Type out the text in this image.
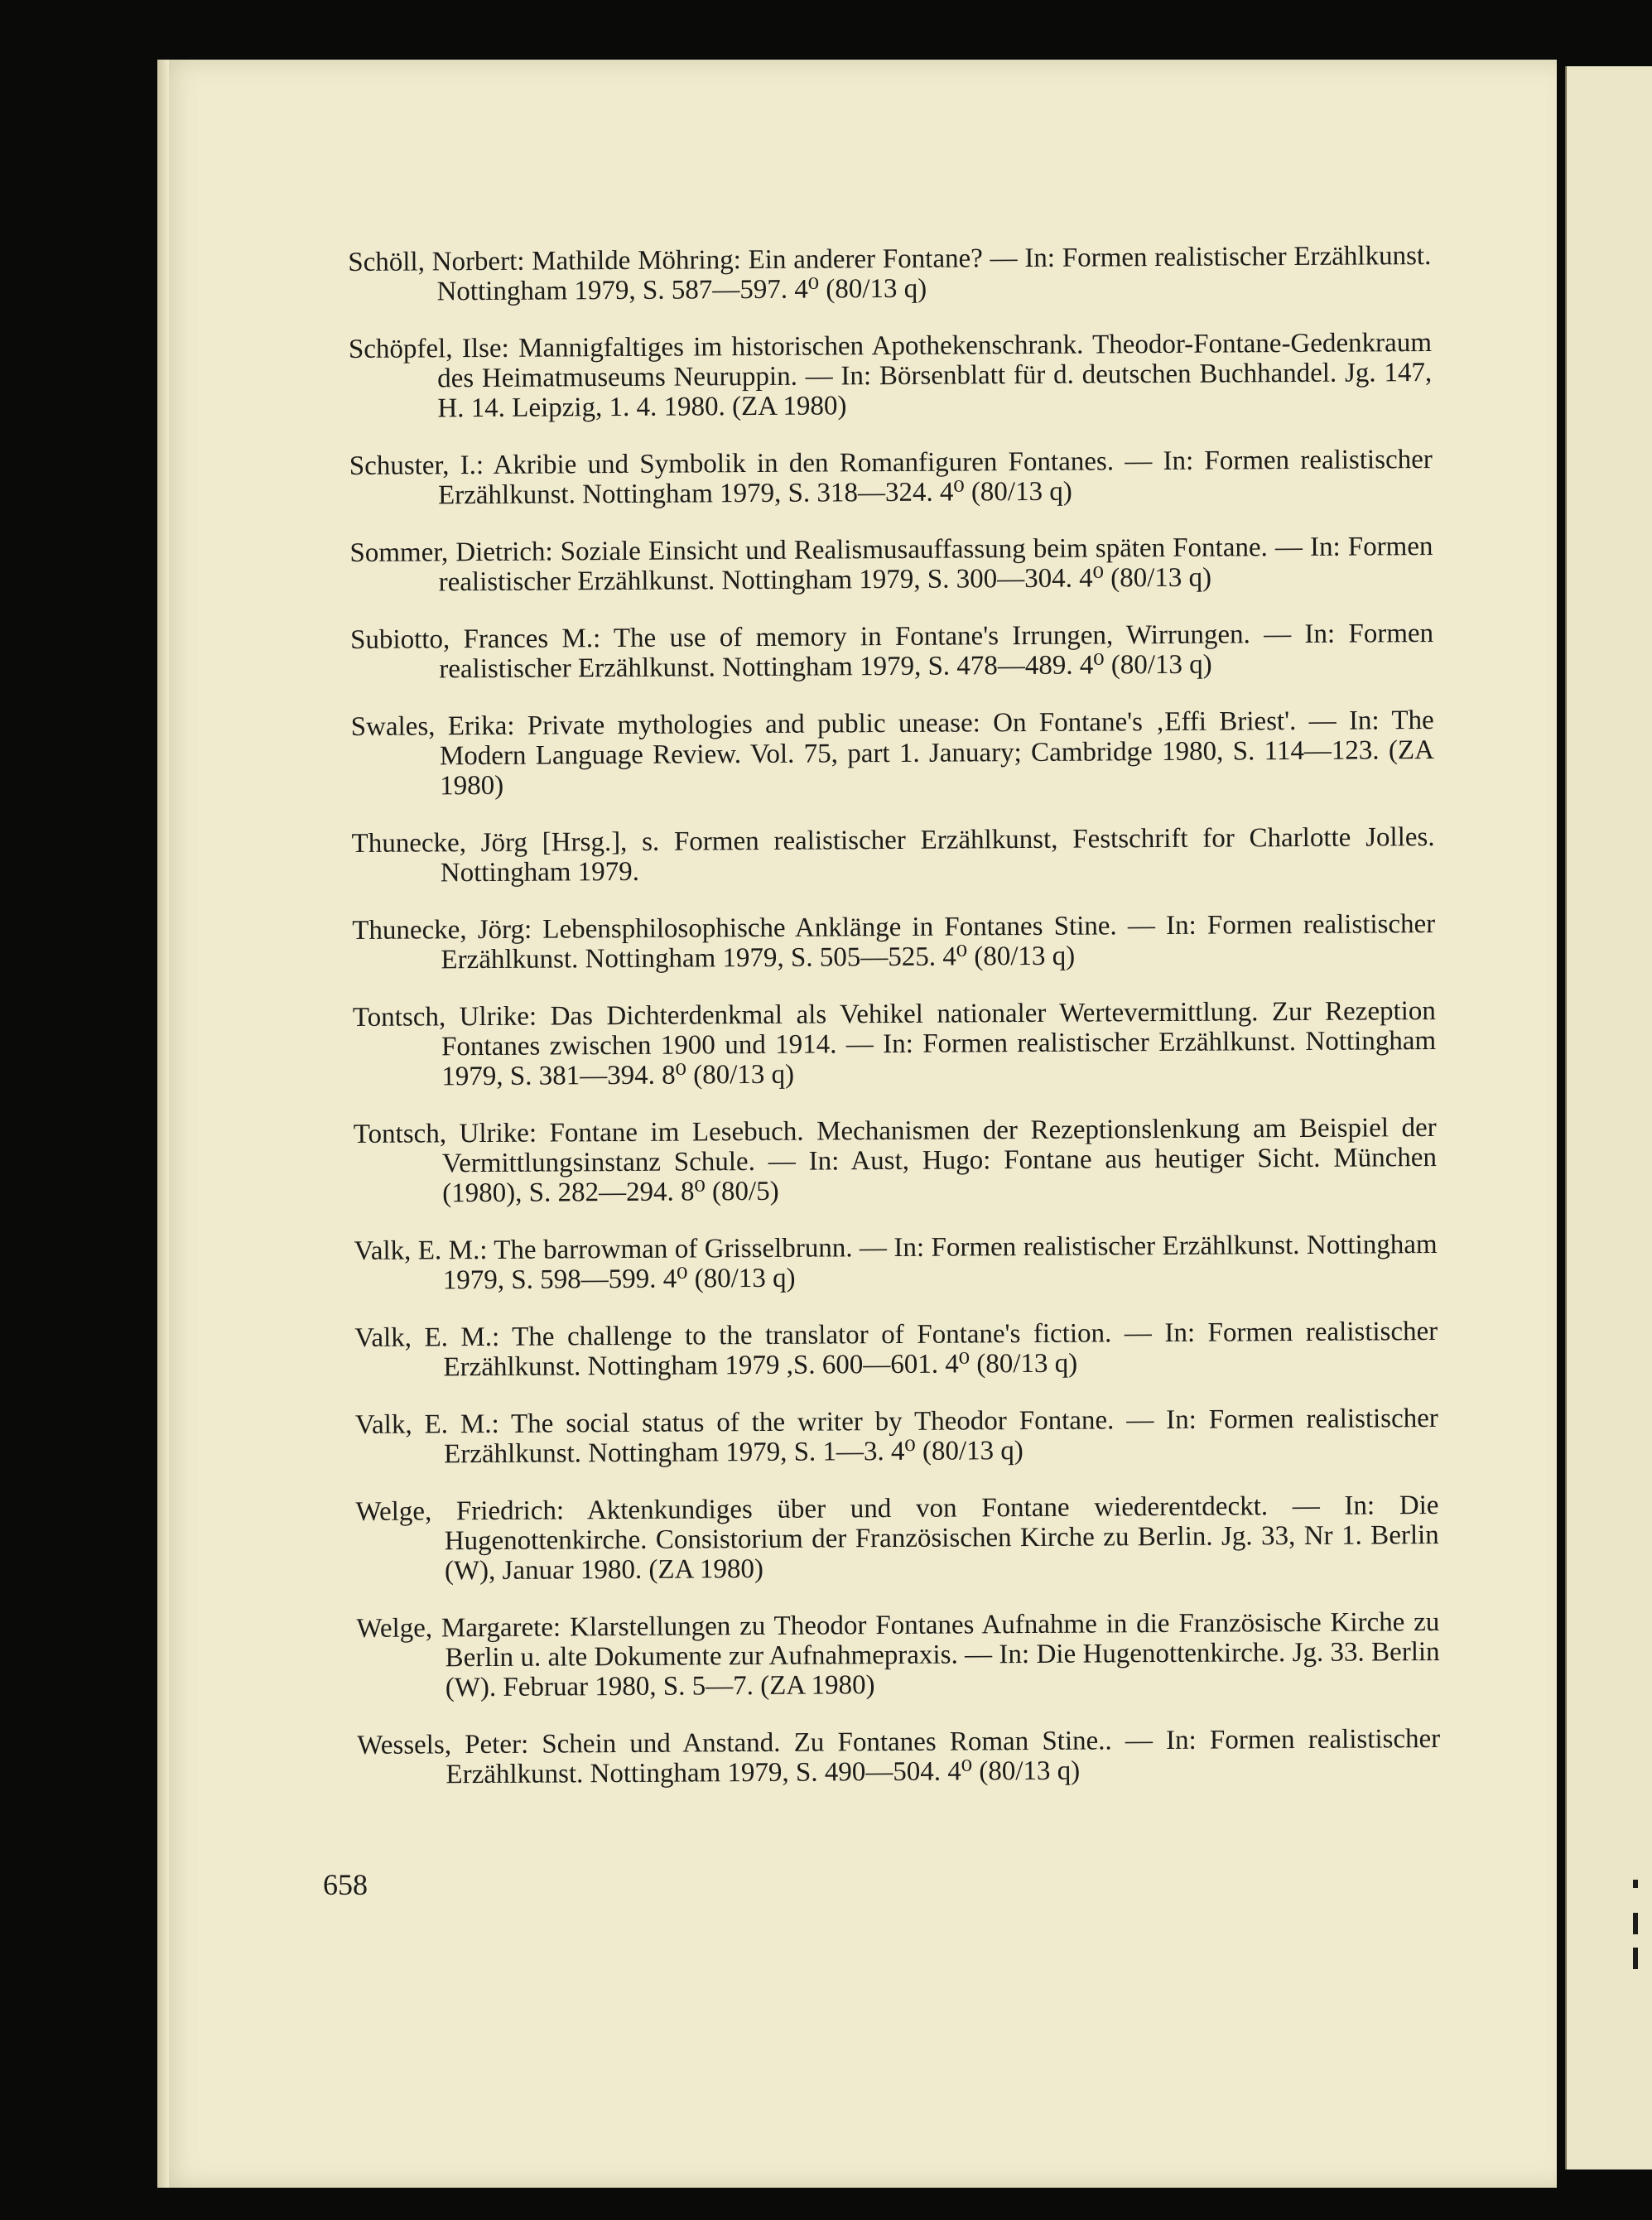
Schöll, Norbert: Mathilde Möhring: Ein anderer Fontane? — In: Formen realistischer Erzählkunst. Nottingham 1979, S. 587—597. 4⁰ (80/13 q)

Schöpfel, Ilse: Mannigfaltiges im historischen Apothekenschrank. Theodor-Fontane-Gedenkraum des Heimatmuseums Neuruppin. — In: Börsenblatt für d. deutschen Buchhandel. Jg. 147, H. 14. Leipzig, 1. 4. 1980. (ZA 1980)

Schuster, I.: Akribie und Symbolik in den Romanfiguren Fontanes. — In: Formen realistischer Erzählkunst. Nottingham 1979, S. 318—324. 4⁰ (80/13 q)

Sommer, Dietrich: Soziale Einsicht und Realismusauffassung beim späten Fontane. — In: Formen realistischer Erzählkunst. Nottingham 1979, S. 300—304. 4⁰ (80/13 q)

Subiotto, Frances M.: The use of memory in Fontane's Irrungen, Wirrungen. — In: Formen realistischer Erzählkunst. Nottingham 1979, S. 478—489. 4⁰ (80/13 q)

Swales, Erika: Private mythologies and public unease: On Fontane's ‚Effi Briest'. — In: The Modern Language Review. Vol. 75, part 1. January; Cambridge 1980, S. 114—123. (ZA 1980)

Thunecke, Jörg [Hrsg.], s. Formen realistischer Erzählkunst, Festschrift for Charlotte Jolles. Nottingham 1979.

Thunecke, Jörg: Lebensphilosophische Anklänge in Fontanes Stine. — In: Formen realistischer Erzählkunst. Nottingham 1979, S. 505—525. 4⁰ (80/13 q)

Tontsch, Ulrike: Das Dichterdenkmal als Vehikel nationaler Wertevermittlung. Zur Rezeption Fontanes zwischen 1900 und 1914. — In: Formen realistischer Erzählkunst. Nottingham 1979, S. 381—394. 8⁰ (80/13 q)

Tontsch, Ulrike: Fontane im Lesebuch. Mechanismen der Rezeptionslenkung am Beispiel der Vermittlungsinstanz Schule. — In: Aust, Hugo: Fontane aus heutiger Sicht. München (1980), S. 282—294. 8⁰ (80/5)

Valk, E. M.: The barrowman of Grisselbrunn. — In: Formen realistischer Erzählkunst. Nottingham 1979, S. 598—599. 4⁰ (80/13 q)

Valk, E. M.: The challenge to the translator of Fontane's fiction. — In: Formen realistischer Erzählkunst. Nottingham 1979 ,S. 600—601. 4⁰ (80/13 q)

Valk, E. M.: The social status of the writer by Theodor Fontane. — In: Formen realistischer Erzählkunst. Nottingham 1979, S. 1—3. 4⁰ (80/13 q)

Welge, Friedrich: Aktenkundiges über und von Fontane wiederentdeckt. — In: Die Hugenottenkirche. Consistorium der Französischen Kirche zu Berlin. Jg. 33, Nr 1. Berlin (W), Januar 1980. (ZA 1980)

Welge, Margarete: Klarstellungen zu Theodor Fontanes Aufnahme in die Französische Kirche zu Berlin u. alte Dokumente zur Aufnahmepraxis. — In: Die Hugenottenkirche. Jg. 33. Berlin (W). Februar 1980, S. 5—7. (ZA 1980)

Wessels, Peter: Schein und Anstand. Zu Fontanes Roman Stine.. — In: Formen realistischer Erzählkunst. Nottingham 1979, S. 490—504. 4⁰ (80/13 q)

658
